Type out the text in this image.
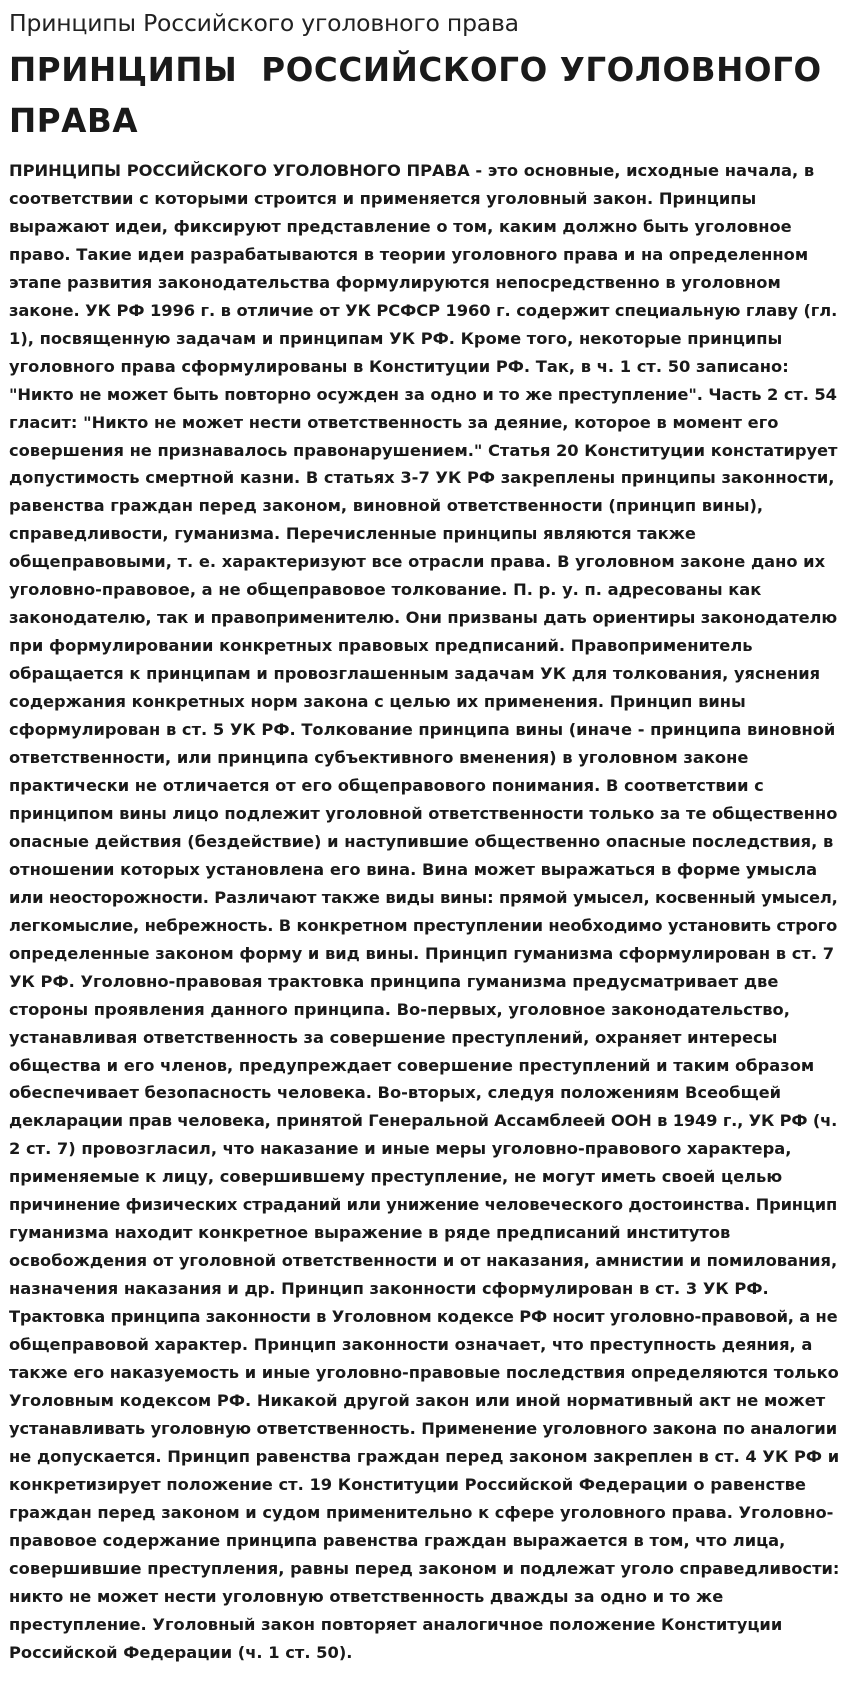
Принципы Российского уголовного права
ПРИНЦИПЫ  РОССИЙСКОГО УГОЛОВНОГО
ПРАВА
ПРИНЦИПЫ РОССИЙСКОГО УГОЛОВНОГО ПРАВА - это основные, исходные начала, в
соответствии с которыми строится и применяется уголовный закон. Принципы
выражают идеи, фиксируют представление о том, каким должно быть уголовное
право. Такие идеи разрабатываются в теории уголовного права и на определенном
этапе развития законодательства формулируются непосредственно в уголовном
законе. УК РФ 1996 г. в отличие от УК РСФСР 1960 г. содержит специальную главу (гл.
1), посвященную задачам и принципам УК РФ. Кроме того, некоторые принципы
уголовного права сформулированы в Конституции РФ. Так, в ч. 1 ст. 50 записано:
"Никто не может быть повторно осужден за одно и то же преступление". Часть 2 ст. 54
гласит: "Никто не может нести ответственность за деяние, которое в момент его
совершения не признавалось правонарушением." Статья 20 Конституции констатирует
допустимость смертной казни. В статьях 3-7 УК РФ закреплены принципы законности,
равенства граждан перед законом, виновной ответственности (принцип вины),
справедливости, гуманизма. Перечисленные принципы являются также
общеправовыми, т. е. характеризуют все отрасли права. В уголовном законе дано их
уголовно-правовое, а не общеправовое толкование. П. р. у. п. адресованы как
законодателю, так и правоприменителю. Они призваны дать ориентиры законодателю
при формулировании конкретных правовых предписаний. Правоприменитель
обращается к принципам и провозглашенным задачам УК для толкования, уяснения
содержания конкретных норм закона с целью их применения. Принцип вины
сформулирован в ст. 5 УК РФ. Толкование принципа вины (иначе - принципа виновной
ответственности, или принципа субъективного вменения) в уголовном законе
практически не отличается от его общеправового понимания. В соответствии с
принципом вины лицо подлежит уголовной ответственности только за те общественно
опасные действия (бездействие) и наступившие общественно опасные последствия, в
отношении которых установлена его вина. Вина может выражаться в форме умысла
или неосторожности. Различают также виды вины: прямой умысел, косвенный умысел,
легкомыслие, небрежность. В конкретном преступлении необходимо установить строго
определенные законом форму и вид вины. Принцип гуманизма сформулирован в ст. 7
УК РФ. Уголовно-правовая трактовка принципа гуманизма предусматривает две
стороны проявления данного принципа. Во-первых, уголовное законодательство,
устанавливая ответственность за совершение преступлений, охраняет интересы
общества и его членов, предупреждает совершение преступлений и таким образом
обеспечивает безопасность человека. Во-вторых, следуя положениям Всеобщей
декларации прав человека, принятой Генеральной Ассамблеей ООН в 1949 г., УК РФ (ч.
2 ст. 7) провозгласил, что наказание и иные меры уголовно-правового характера,
применяемые к лицу, совершившему преступление, не могут иметь своей целью
причинение физических страданий или унижение человеческого достоинства. Принцип
гуманизма находит конкретное выражение в ряде предписаний институтов
освобождения от уголовной ответственности и от наказания, амнистии и помилования,
назначения наказания и др. Принцип законности сформулирован в ст. 3 УК РФ.
Трактовка принципа законности в Уголовном кодексе РФ носит уголовно-правовой, а не
общеправовой характер. Принцип законности означает, что преступность деяния, а
также его наказуемость и иные уголовно-правовые последствия определяются только
Уголовным кодексом РФ. Никакой другой закон или иной нормативный акт не может
устанавливать уголовную ответственность. Применение уголовного закона по аналогии
не допускается. Принцип равенства граждан перед законом закреплен в ст. 4 УК РФ и
конкретизирует положение ст. 19 Конституции Российской Федерации о равенстве
граждан перед законом и судом применительно к сфере уголовного права. Уголовно-
правовое содержание принципа равенства граждан выражается в том, что лица,
совершившие преступления, равны перед законом и подлежат уголо справедливости:
никто не может нести уголовную ответственность дважды за одно и то же
преступление. Уголовный закон повторяет аналогичное положение Конституции
Российской Федерации (ч. 1 ст. 50).
